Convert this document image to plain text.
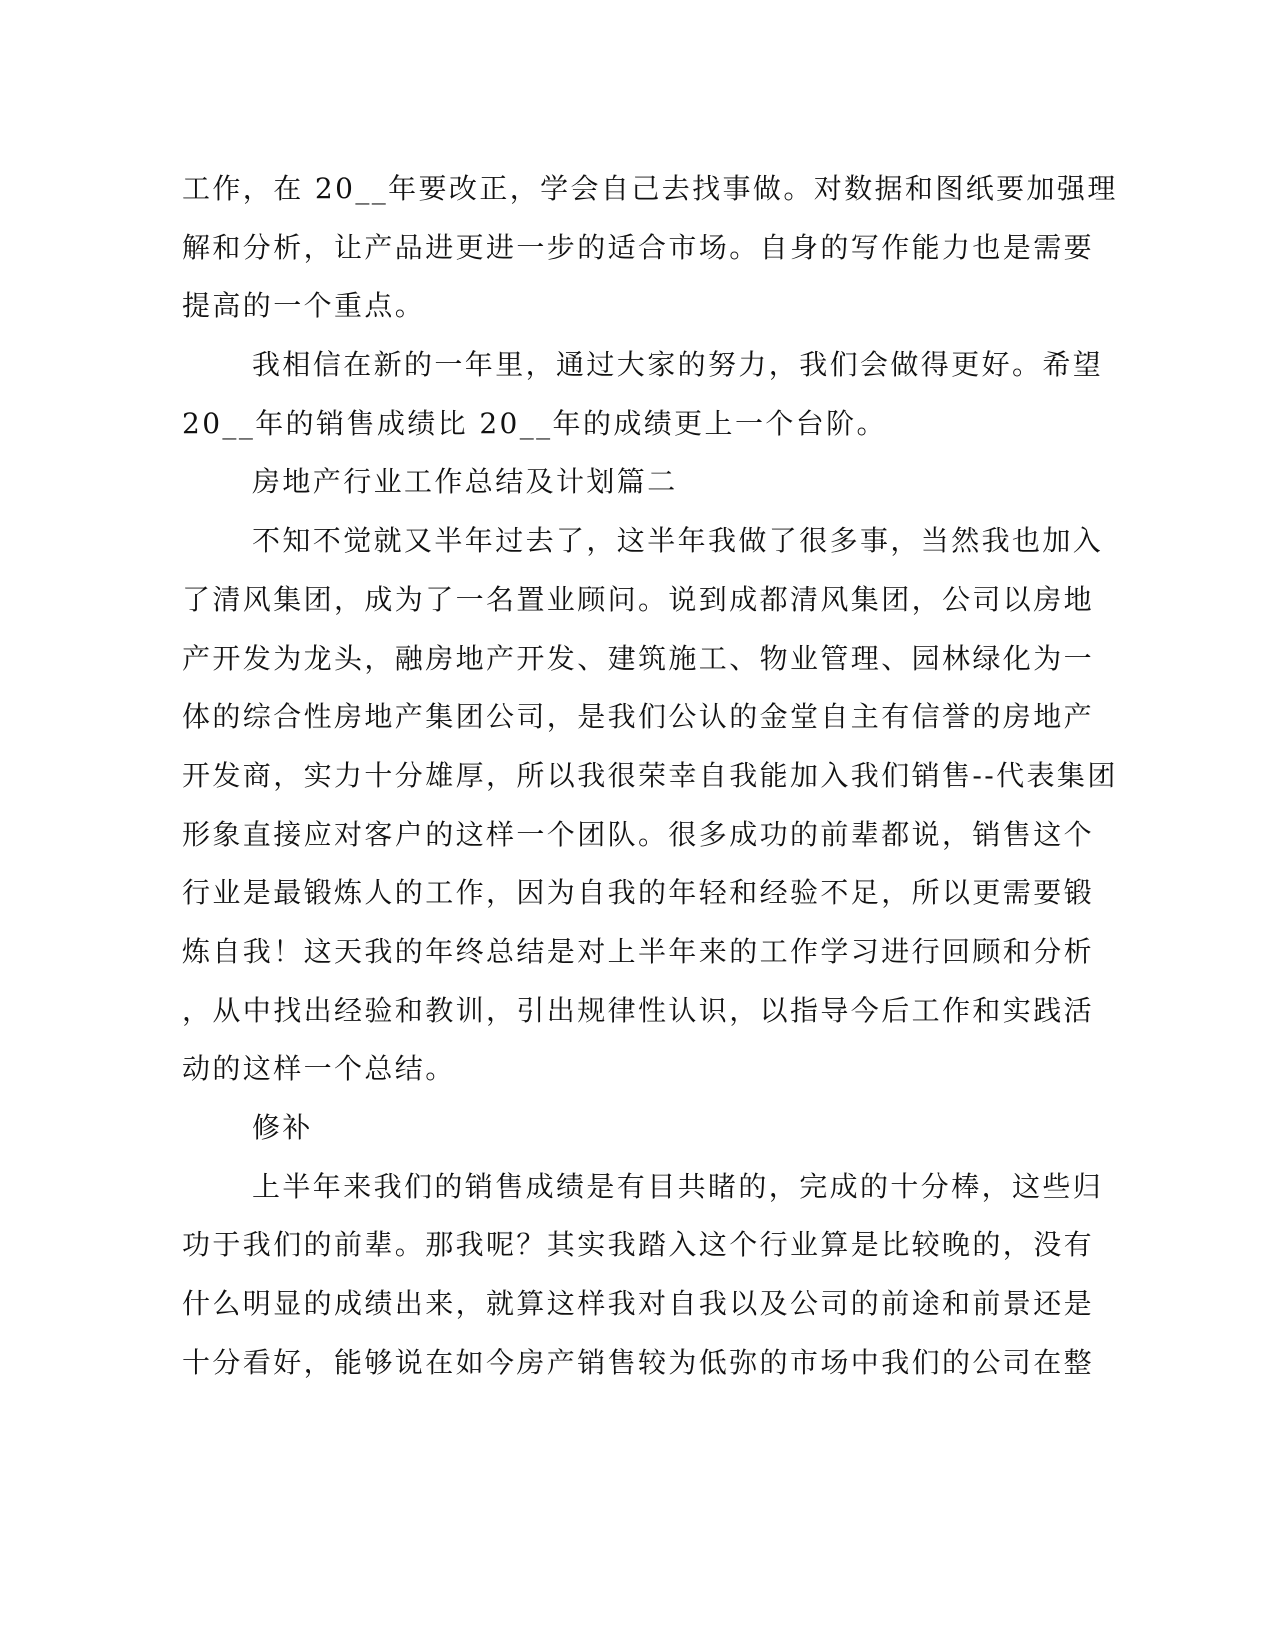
工作，在 20__年要改正，学会自己去找事做。对数据和图纸要加强理
解和分析，让产品进更进一步的适合市场。自身的写作能力也是需要
提高的一个重点。
我相信在新的一年里，通过大家的努力，我们会做得更好。希望
20__年的销售成绩比 20__年的成绩更上一个台阶。
房地产行业工作总结及计划篇二
不知不觉就又半年过去了，这半年我做了很多事，当然我也加入
了清风集团，成为了一名置业顾问。说到成都清风集团，公司以房地
产开发为龙头，融房地产开发、建筑施工、物业管理、园林绿化为一
体的综合性房地产集团公司，是我们公认的金堂自主有信誉的房地产
开发商，实力十分雄厚，所以我很荣幸自我能加入我们销售--代表集团
形象直接应对客户的这样一个团队。很多成功的前辈都说，销售这个
行业是最锻炼人的工作，因为自我的年轻和经验不足，所以更需要锻
炼自我！这天我的年终总结是对上半年来的工作学习进行回顾和分析
，从中找出经验和教训，引出规律性认识，以指导今后工作和实践活
动的这样一个总结。
修补
上半年来我们的销售成绩是有目共睹的，完成的十分棒，这些归
功于我们的前辈。那我呢？其实我踏入这个行业算是比较晚的，没有
什么明显的成绩出来，就算这样我对自我以及公司的前途和前景还是
十分看好，能够说在如今房产销售较为低弥的市场中我们的公司在整
